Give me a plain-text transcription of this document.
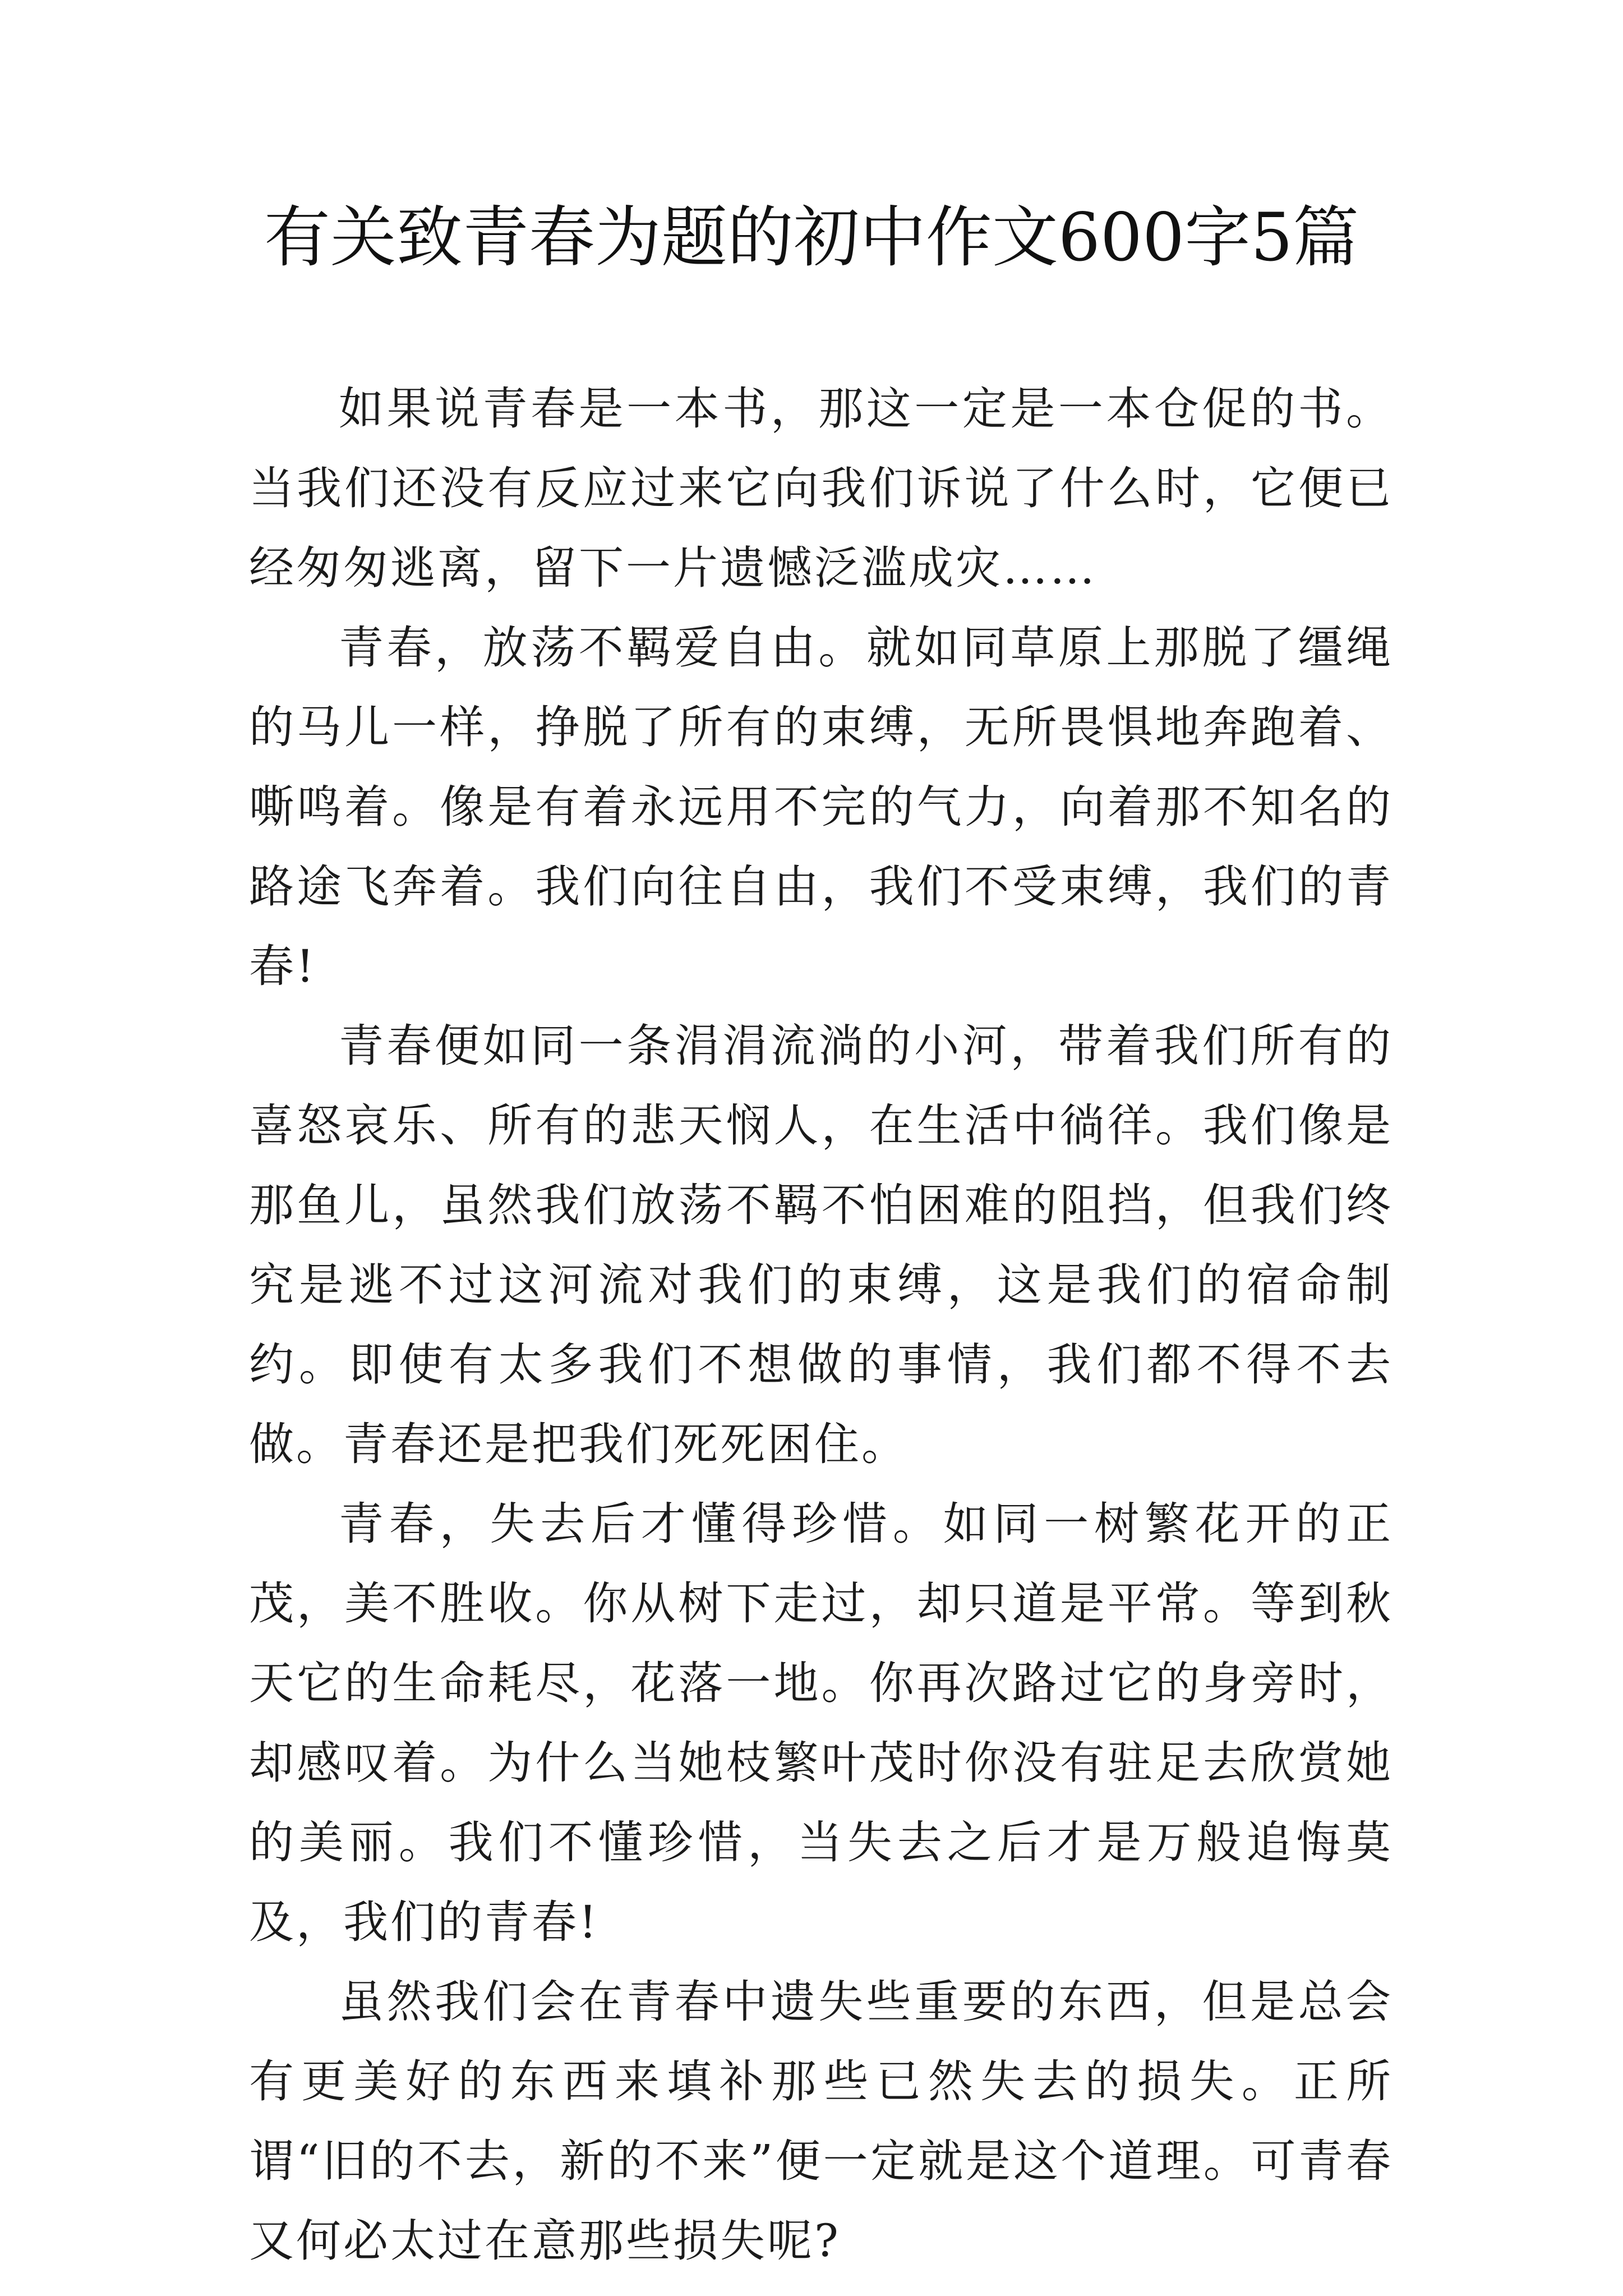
有关致青春为题的初中作文600字5篇

如果说青春是一本书，那这一定是一本仓促的书。当我们还没有反应过来它向我们诉说了什么时，它便已经匆匆逃离，留下一片遗憾泛滥成灾……

青春，放荡不羁爱自由。就如同草原上那脱了缰绳的马儿一样，挣脱了所有的束缚，无所畏惧地奔跑着、嘶鸣着。像是有着永远用不完的气力，向着那不知名的路途飞奔着。我们向往自由，我们不受束缚，我们的青春!

青春便如同一条涓涓流淌的小河，带着我们所有的喜怒哀乐、所有的悲天悯人，在生活中徜徉。我们像是那鱼儿，虽然我们放荡不羁不怕困难的阻挡，但我们终究是逃不过这河流对我们的束缚，这是我们的宿命制约。即使有太多我们不想做的事情，我们都不得不去做。青春还是把我们死死困住。

青春，失去后才懂得珍惜。如同一树繁花开的正茂，美不胜收。你从树下走过，却只道是平常。等到秋天它的生命耗尽，花落一地。你再次路过它的身旁时，却感叹着。为什么当她枝繁叶茂时你没有驻足去欣赏她的美丽。我们不懂珍惜，当失去之后才是万般追悔莫及，我们的青春!

虽然我们会在青春中遗失些重要的东西，但是总会有更美好的东西来填补那些已然失去的损失。正所谓“旧的不去，新的不来”便一定就是这个道理。可青春又何必太过在意那些损失呢?
